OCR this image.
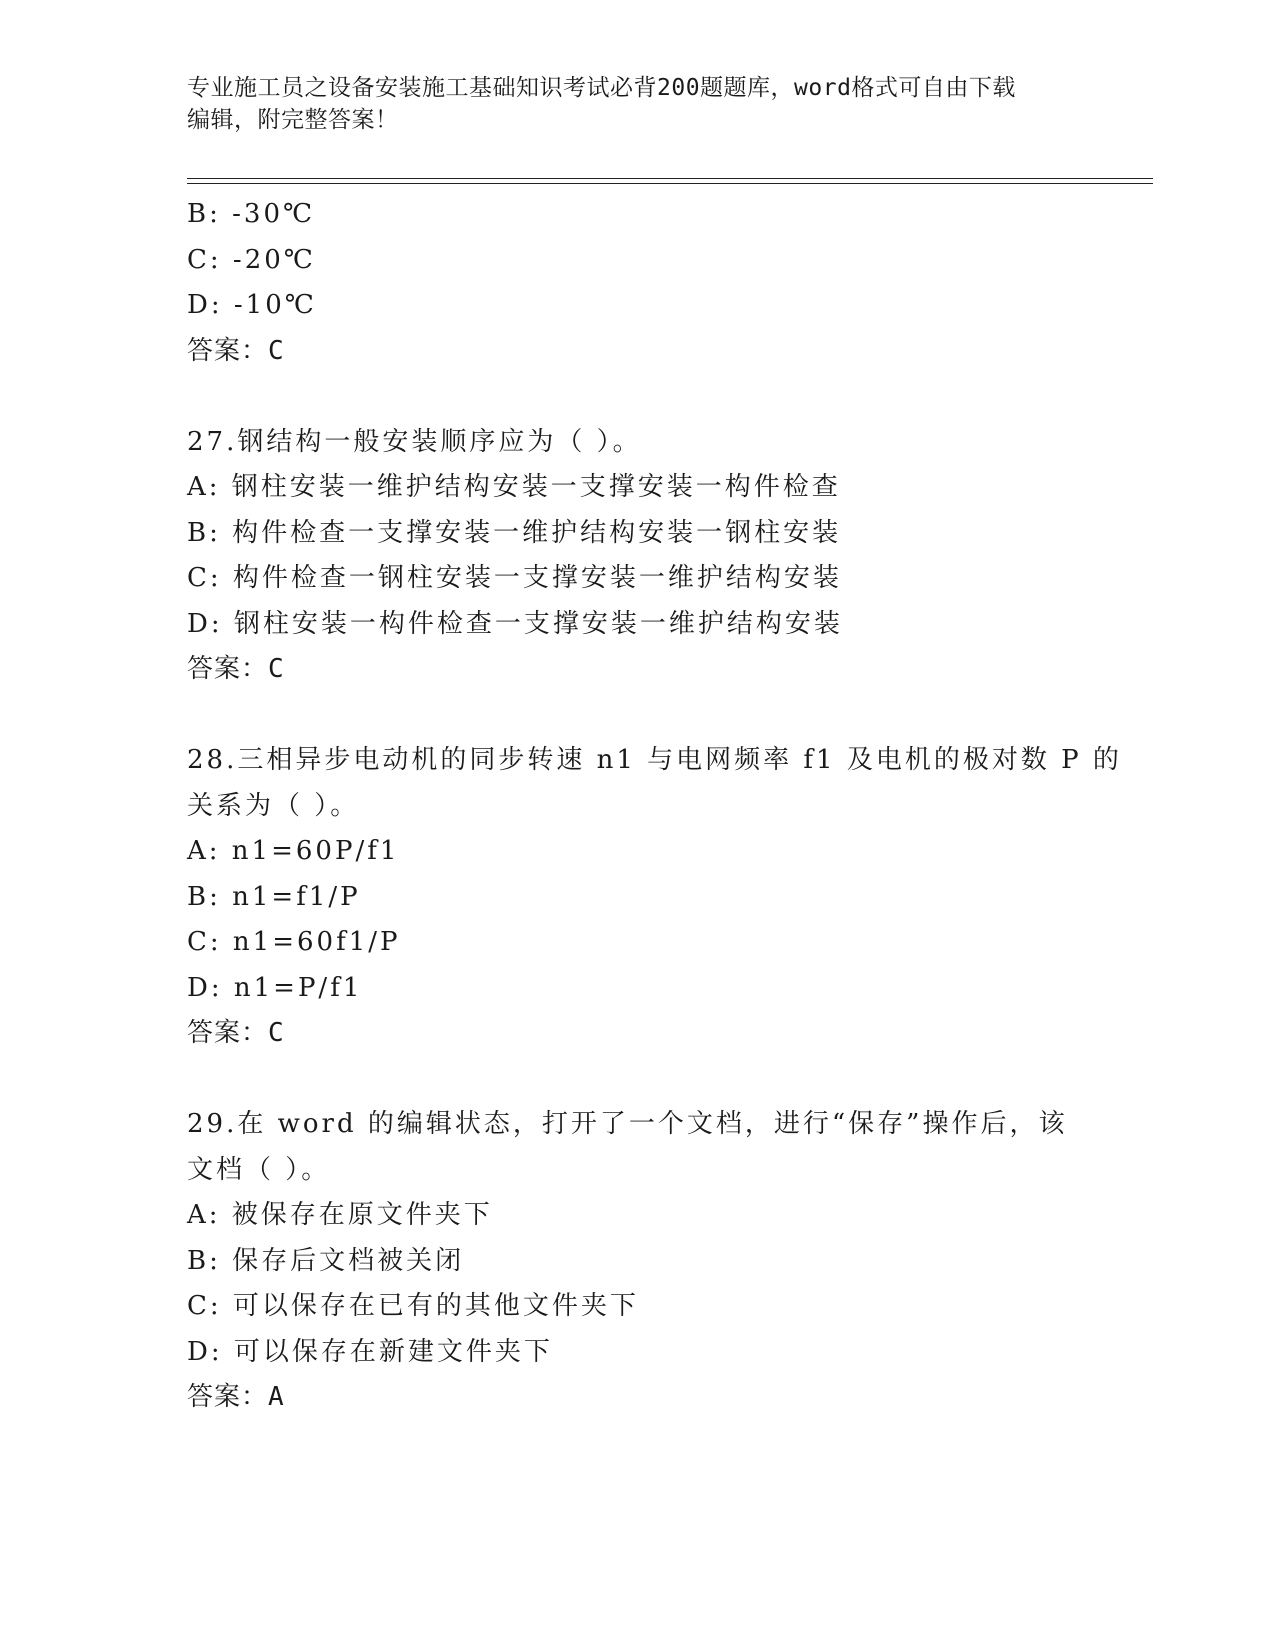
专业施工员之设备安装施工基础知识考试必背200题题库，word格式可自由下载
编辑，附完整答案！
B: -30℃
C: -20℃
D: -10℃
答案：C
27.钢结构一般安装顺序应为（ ）。
A: 钢柱安装一维护结构安装一支撑安装一构件检查
B: 构件检查一支撑安装一维护结构安装一钢柱安装
C: 构件检查一钢柱安装一支撑安装一维护结构安装
D: 钢柱安装一构件检查一支撑安装一维护结构安装
答案：C
28.三相异步电动机的同步转速 n1 与电网频率 f1 及电机的极对数 P 的
关系为（ ）。
A: n1=60P/f1
B: n1=f1/P
C: n1=60f1/P
D: n1=P/f1
答案：C
29.在 word 的编辑状态，打开了一个文档，进行“保存”操作后，该
文档（ ）。
A: 被保存在原文件夹下
B: 保存后文档被关闭
C: 可以保存在已有的其他文件夹下
D: 可以保存在新建文件夹下
答案：A
